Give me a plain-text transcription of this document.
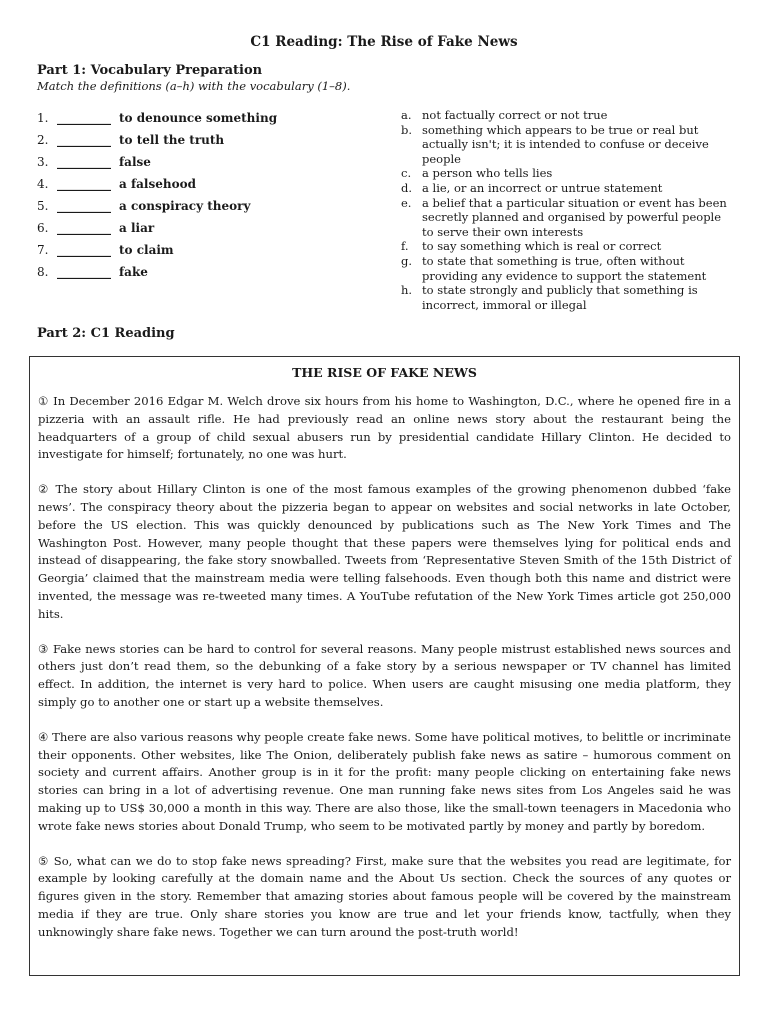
C1 Reading: The Rise of Fake News
Part 1: Vocabulary Preparation
Match the definitions (a–h) with the vocabulary (1–8).
1. _________ to denounce something
2. _________ to tell the truth
3. _________ false
4. _________ a falsehood
5. _________ a conspiracy theory
6. _________ a liar
7. _________ to claim
8. _________ fake
a. not factually correct or not true
b. something which appears to be true or real but actually isn't; it is intended to confuse or deceive people
c. a person who tells lies
d. a lie, or an incorrect or untrue statement
e. a belief that a particular situation or event has been secretly planned and organised by powerful people to serve their own interests
f.	to say something which is real or correct
g. to state that something is true, often without providing any evidence to support the statement
h. to state strongly and publicly that something is incorrect, immoral or illegal
Part 2: C1 Reading
THE RISE OF FAKE NEWS

① In December 2016 Edgar M. Welch drove six hours from his home to Washington, D.C., where he opened fire in a pizzeria with an assault rifle. He had previously read an online news story about the restaurant being the headquarters of a group of child sexual abusers run by presidential candidate Hillary Clinton. He decided to investigate for himself; fortunately, no one was hurt.

② The story about Hillary Clinton is one of the most famous examples of the growing phenomenon dubbed ‘fake news’. The conspiracy theory about the pizzeria began to appear on websites and social networks in late October, before the US election. This was quickly denounced by publications such as The New York Times and The Washington Post. However, many people thought that these papers were themselves lying for political ends and instead of disappearing, the fake story snowballed. Tweets from ‘Representative Steven Smith of the 15th District of Georgia’ claimed that the mainstream media were telling falsehoods. Even though both this name and district were invented, the message was re-tweeted many times. A YouTube refutation of the New York Times article got 250,000 hits.

③ Fake news stories can be hard to control for several reasons. Many people mistrust established news sources and others just don’t read them, so the debunking of a fake story by a serious newspaper or TV channel has limited effect. In addition, the internet is very hard to police. When users are caught misusing one media platform, they simply go to another one or start up a website themselves.

④ There are also various reasons why people create fake news. Some have political motives, to belittle or incriminate their opponents. Other websites, like The Onion, deliberately publish fake news as satire – humorous comment on society and current affairs. Another group is in it for the profit: many people clicking on entertaining fake news stories can bring in a lot of advertising revenue. One man running fake news sites from Los Angeles said he was making up to US$ 30,000 a month in this way. There are also those, like the small-town teenagers in Macedonia who wrote fake news stories about Donald Trump, who seem to be motivated partly by money and partly by boredom.

⑤ So, what can we do to stop fake news spreading? First, make sure that the websites you read are legitimate, for example by looking carefully at the domain name and the About Us section. Check the sources of any quotes or figures given in the story. Remember that amazing stories about famous people will be covered by the mainstream media if they are true. Only share stories you know are true and let your friends know, tactfully, when they unknowingly share fake news. Together we can turn around the post-truth world!
